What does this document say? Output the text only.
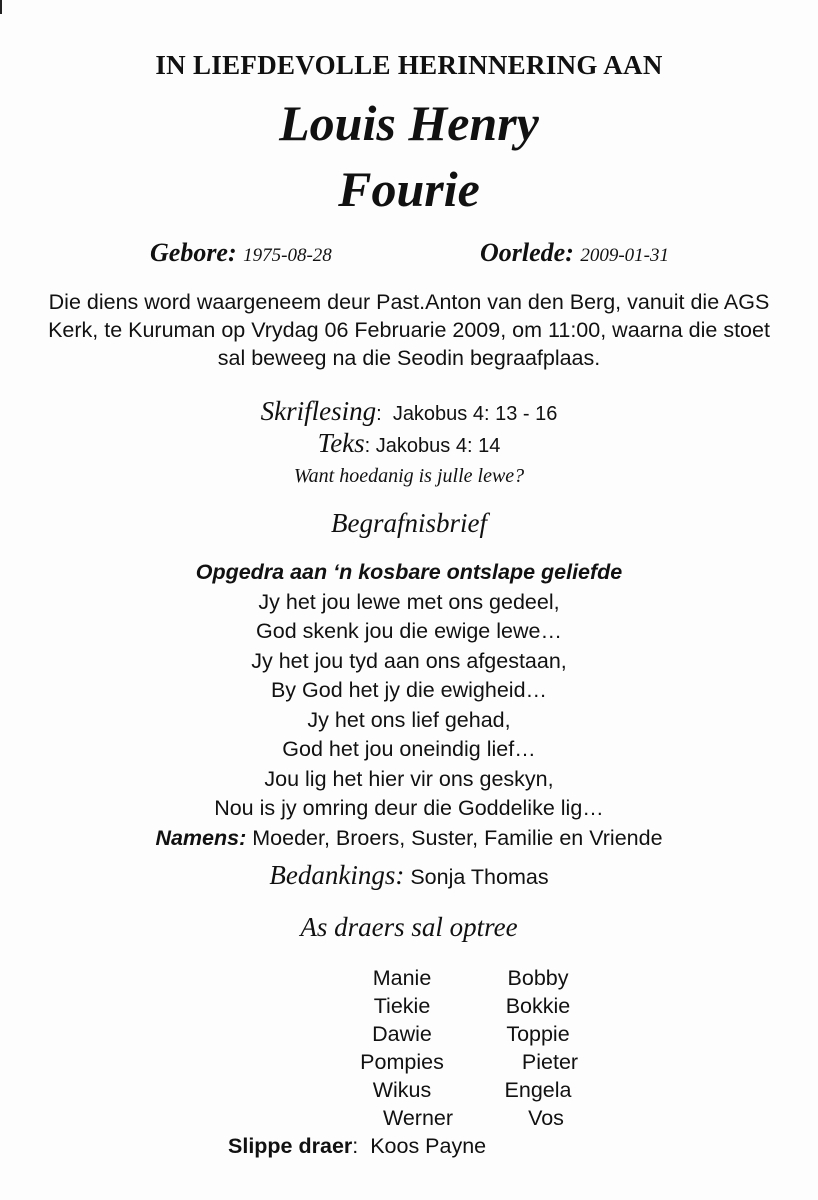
IN LIEFDEVOLLE HERINNERING AAN
Louis Henry
Fourie
Gebore: 1975-08-28	Oorlede: 2009-01-31
Die diens word waargeneem deur Past.Anton van den Berg, vanuit die AGS Kerk, te Kuruman op Vrydag 06 Februarie 2009, om 11:00, waarna die stoet sal beweeg na die Seodin begraafplaas.
Skriflesing: Jakobus 4: 13 - 16
Teks: Jakobus 4: 14
Want hoedanig is julle lewe?
Begrafnisbrief
Opgedra aan ‘n kosbare ontslape geliefde
Jy het jou lewe met ons gedeel,
God skenk jou die ewige lewe…
Jy het jou tyd aan ons afgestaan,
By God het jy die ewigheid…
Jy het ons lief gehad,
God het jou oneindig lief…
Jou lig het hier vir ons geskyn,
Nou is jy omring deur die Goddelike lig…
Namens: Moeder, Broers, Suster, Familie en Vriende
Bedankings: Sonja Thomas
As draers sal optree
Manie
Tiekie
Dawie
Pompies
Wikus
Werner
Bobby
Bokkie
Toppie
Pieter
Engela
Vos
Slippe draer: Koos Payne
